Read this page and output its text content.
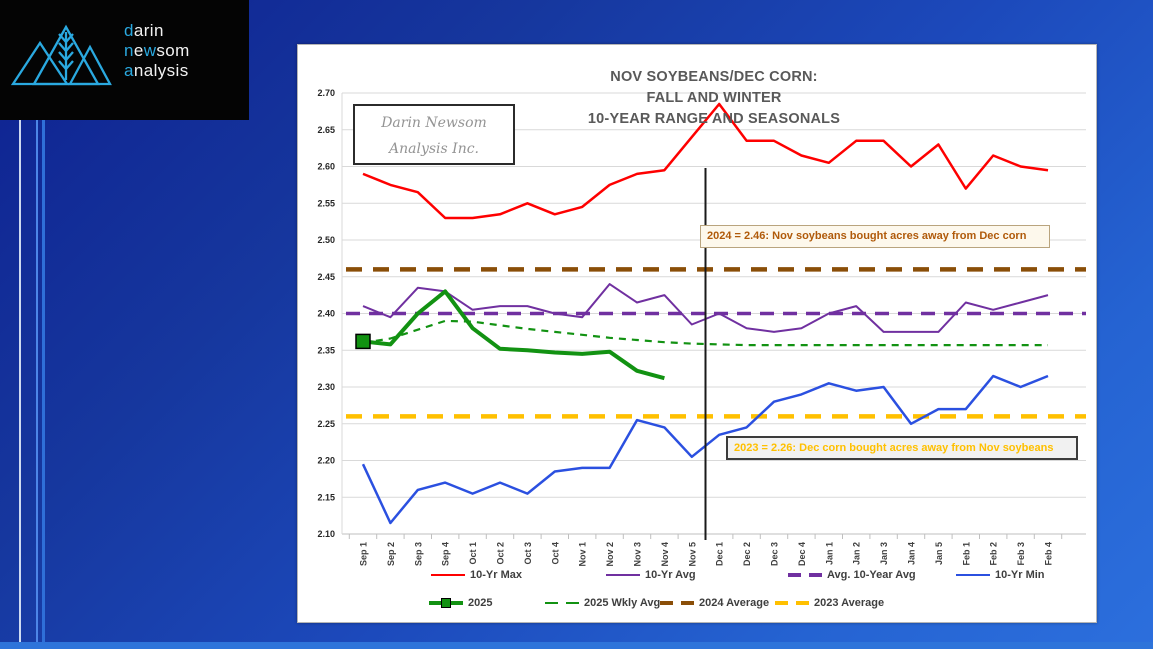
darin
newsom
analysis
2.10
2.15
2.20
2.25
2.30
2.35
2.40
2.45
2.50
2.55
2.60
2.65
2.70
Sep 1 Sep 2 Sep 3 Sep 4 Oct 1 Oct 2 Oct 3 Oct 4 Nov 1 Nov 2 Nov 3 Nov 4 Nov 5 Dec 1 Dec 2 Dec 3 Dec 4 Jan 1 Jan 2 Jan 3 Jan 4 Jan 5 Feb 1 Feb 2 Feb 3 Feb 4
NOV SOYBEANS/DEC CORN:
FALL AND WINTER
10-YEAR RANGE AND SEASONALS
Darin Newsom
Analysis Inc.
2024 = 2.46: Nov soybeans bought acres away from Dec corn
2023 = 2.26: Dec corn bought acres away from Nov soybeans
10-Yr Max	10-Yr Avg	Avg. 10-Year Avg	10-Yr Min
2025	2025 Wkly Avg	2024 Average	2023 Average
